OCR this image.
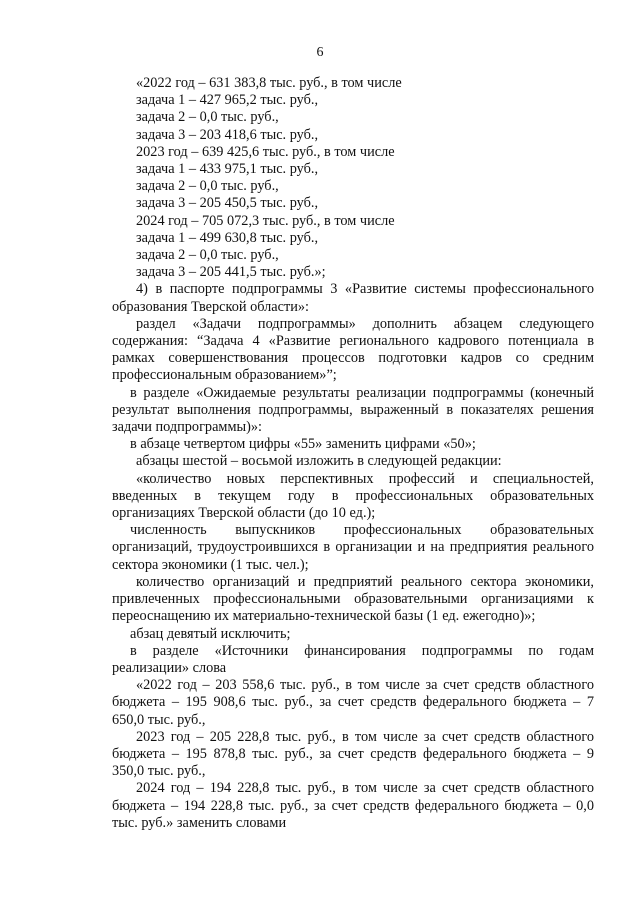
6

«2022 год – 631 383,8 тыс. руб., в том числе

задача 1 – 427 965,2 тыс. руб.,

задача 2 – 0,0 тыс. руб.,

задача 3 – 203 418,6 тыс. руб.,

2023 год – 639 425,6 тыс. руб., в том числе

задача 1 – 433 975,1 тыс. руб.,

задача 2 – 0,0 тыс. руб.,

задача 3 – 205 450,5 тыс. руб.,

2024 год – 705 072,3 тыс. руб., в том числе

задача 1 – 499 630,8 тыс. руб.,

задача 2 – 0,0 тыс. руб.,

задача 3 – 205 441,5 тыс. руб.»;

4) в паспорте подпрограммы 3 «Развитие системы профессионального образования Тверской области»:

раздел «Задачи подпрограммы» дополнить абзацем следующего содержания: “Задача 4 «Развитие регионального кадрового потенциала в рамках совершенствования процессов подготовки кадров со средним профессиональным образованием»”;

в разделе «Ожидаемые результаты реализации подпрограммы (конечный результат выполнения подпрограммы, выраженный в показателях решения задачи подпрограммы)»:

в абзаце четвертом цифры «55» заменить цифрами «50»;

абзацы шестой – восьмой изложить в следующей редакции:

«количество новых перспективных профессий и специальностей, введенных в текущем году в профессиональных образовательных организациях Тверской области (до 10 ед.);

численность выпускников профессиональных образовательных организаций, трудоустроившихся в организации и на предприятия реального сектора экономики (1 тыс. чел.);

количество организаций и предприятий реального сектора экономики, привлеченных профессиональными образовательными организациями к переоснащению их материально-технической базы (1 ед. ежегодно)»;

абзац девятый исключить;

в разделе «Источники финансирования подпрограммы по годам реализации» слова

«2022 год – 203 558,6 тыс. руб., в том числе за счет средств областного бюджета – 195 908,6 тыс. руб., за счет средств федерального бюджета – 7 650,0 тыс. руб.,

2023 год – 205 228,8 тыс. руб., в том числе за счет средств областного бюджета – 195 878,8 тыс. руб., за счет средств федерального бюджета – 9 350,0 тыс. руб.,

2024 год – 194 228,8 тыс. руб., в том числе за счет средств областного бюджета – 194 228,8 тыс. руб., за счет средств федерального бюджета – 0,0 тыс. руб.» заменить словами
